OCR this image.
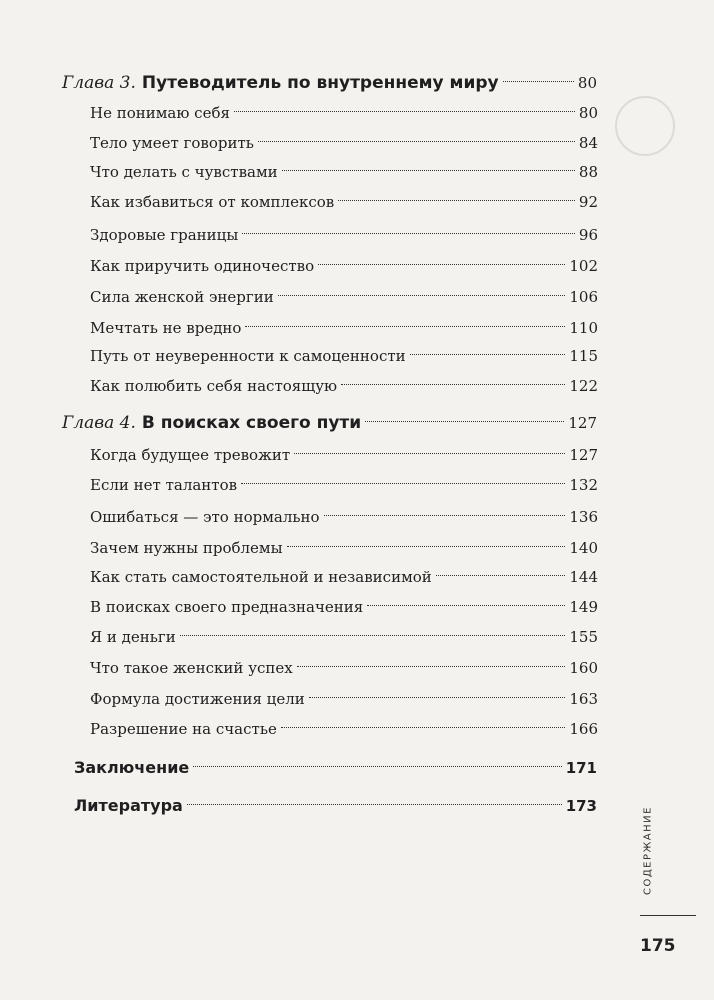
Глава 3. Путеводитель по внутреннему миру	80
Не понимаю себя	80
Тело умеет говорить	84
Что делать с чувствами	88
Как избавиться от комплексов	92
Здоровые границы	96
Как приручить одиночество	102
Сила женской энергии	106
Мечтать не вредно	110
Путь от неуверенности к самоценности	115
Как полюбить себя настоящую	122
Глава 4. В поисках своего пути	127
Когда будущее тревожит	127
Если нет талантов	132
Ошибаться — это нормально	136
Зачем нужны проблемы	140
Как стать самостоятельной и независимой	144
В поисках своего предназначения	149
Я и деньги	155
Что такое женский успех	160
Формула достижения цели	163
Разрешение на счастье	166
Заключение	171
Литература	173
СОДЕРЖАНИЕ
175
